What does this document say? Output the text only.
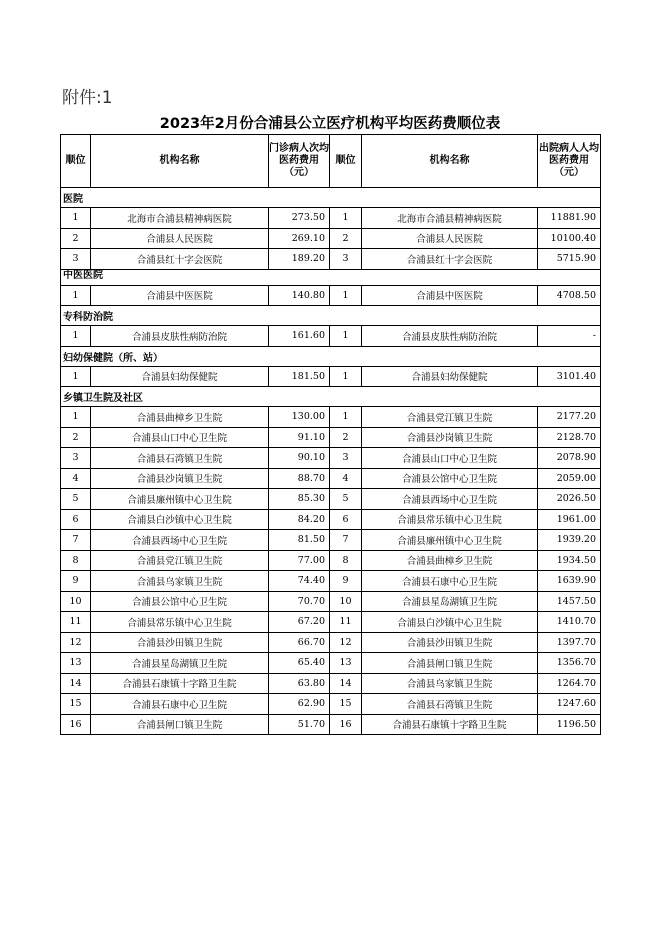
附件:1
2023年2月份合浦县公立医疗机构平均医药费顺位表
顺位	机构名称	门诊病人次均医药费用（元）	顺位	机构名称	出院病人人均医药费用（元）
医院					
1	北海市合浦县精神病医院	273.50	1	北海市合浦县精神病医院	11881.90
2	合浦县人民医院	269.10	2	合浦县人民医院	10100.40
3	合浦县红十字会医院	189.20	3	合浦县红十字会医院	5715.90
中医医院					
1	合浦县中医医院	140.80	1	合浦县中医医院	4708.50
专科防治院					
1	合浦县皮肤性病防治院	161.60	1	合浦县皮肤性病防治院	-
妇幼保健院（所、站）					
1	合浦县妇幼保健院	181.50	1	合浦县妇幼保健院	3101.40
乡镇卫生院及社区					
1	合浦县曲樟乡卫生院	130.00	1	合浦县党江镇卫生院	2177.20
2	合浦县山口中心卫生院	91.10	2	合浦县沙岗镇卫生院	2128.70
3	合浦县石湾镇卫生院	90.10	3	合浦县山口中心卫生院	2078.90
4	合浦县沙岗镇卫生院	88.70	4	合浦县公馆中心卫生院	2059.00
5	合浦县廉州镇中心卫生院	85.30	5	合浦县西场中心卫生院	2026.50
6	合浦县白沙镇中心卫生院	84.20	6	合浦县常乐镇中心卫生院	1961.00
7	合浦县西场中心卫生院	81.50	7	合浦县廉州镇中心卫生院	1939.20
8	合浦县党江镇卫生院	77.00	8	合浦县曲樟乡卫生院	1934.50
9	合浦县乌家镇卫生院	74.40	9	合浦县石康中心卫生院	1639.90
10	合浦县公馆中心卫生院	70.70	10	合浦县星岛湖镇卫生院	1457.50
11	合浦县常乐镇中心卫生院	67.20	11	合浦县白沙镇中心卫生院	1410.70
12	合浦县沙田镇卫生院	66.70	12	合浦县沙田镇卫生院	1397.70
13	合浦县星岛湖镇卫生院	65.40	13	合浦县闸口镇卫生院	1356.70
14	合浦县石康镇十字路卫生院	63.80	14	合浦县乌家镇卫生院	1264.70
15	合浦县石康中心卫生院	62.90	15	合浦县石湾镇卫生院	1247.60
16	合浦县闸口镇卫生院	51.70	16	合浦县石康镇十字路卫生院	1196.50
